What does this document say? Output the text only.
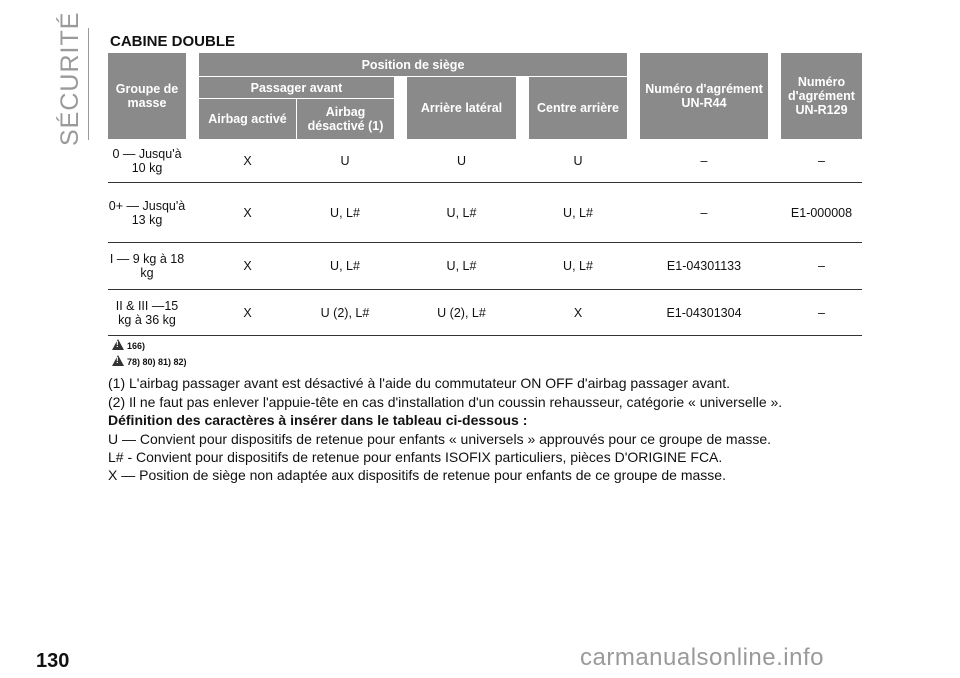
SÉCURITÉ CABINE DOUBLE
Groupe de masse		Position de siège							Numéro d'agrément UN-R44		Numéro d'agrément UN-R129
		Passager avant			Arrière latéral		Centre arrière				
		Airbag activé	Airbag désactivé (1)								
0 — Jusqu'à 10 kg		X	U		U		U		–		–
0+ — Jusqu'à 13 kg		X	U, L#		U, L#		U, L#		–		E1-000008
I — 9 kg à 18 kg		X	U, L#		U, L#		U, L#		E1-04301133		–
II & III —15 kg à 36 kg		X	U (2), L#		U (2), L#		X		E1-04301304		–
!166)
!78) 80) 81) 82)
(1) L'airbag passager avant est désactivé à l'aide du commutateur ON OFF d'airbag passager avant.
(2) Il ne faut pas enlever l'appuie-tête en cas d'installation d'un coussin rehausseur, catégorie « universelle ».
Définition des caractères à insérer dans le tableau ci-dessous :
U — Convient pour dispositifs de retenue pour enfants « universels » approuvés pour ce groupe de masse.
L# - Convient pour dispositifs de retenue pour enfants ISOFIX particuliers, pièces D'ORIGINE FCA.
X — Position de siège non adaptée aux dispositifs de retenue pour enfants de ce groupe de masse.
130	carmanualsonline.info
